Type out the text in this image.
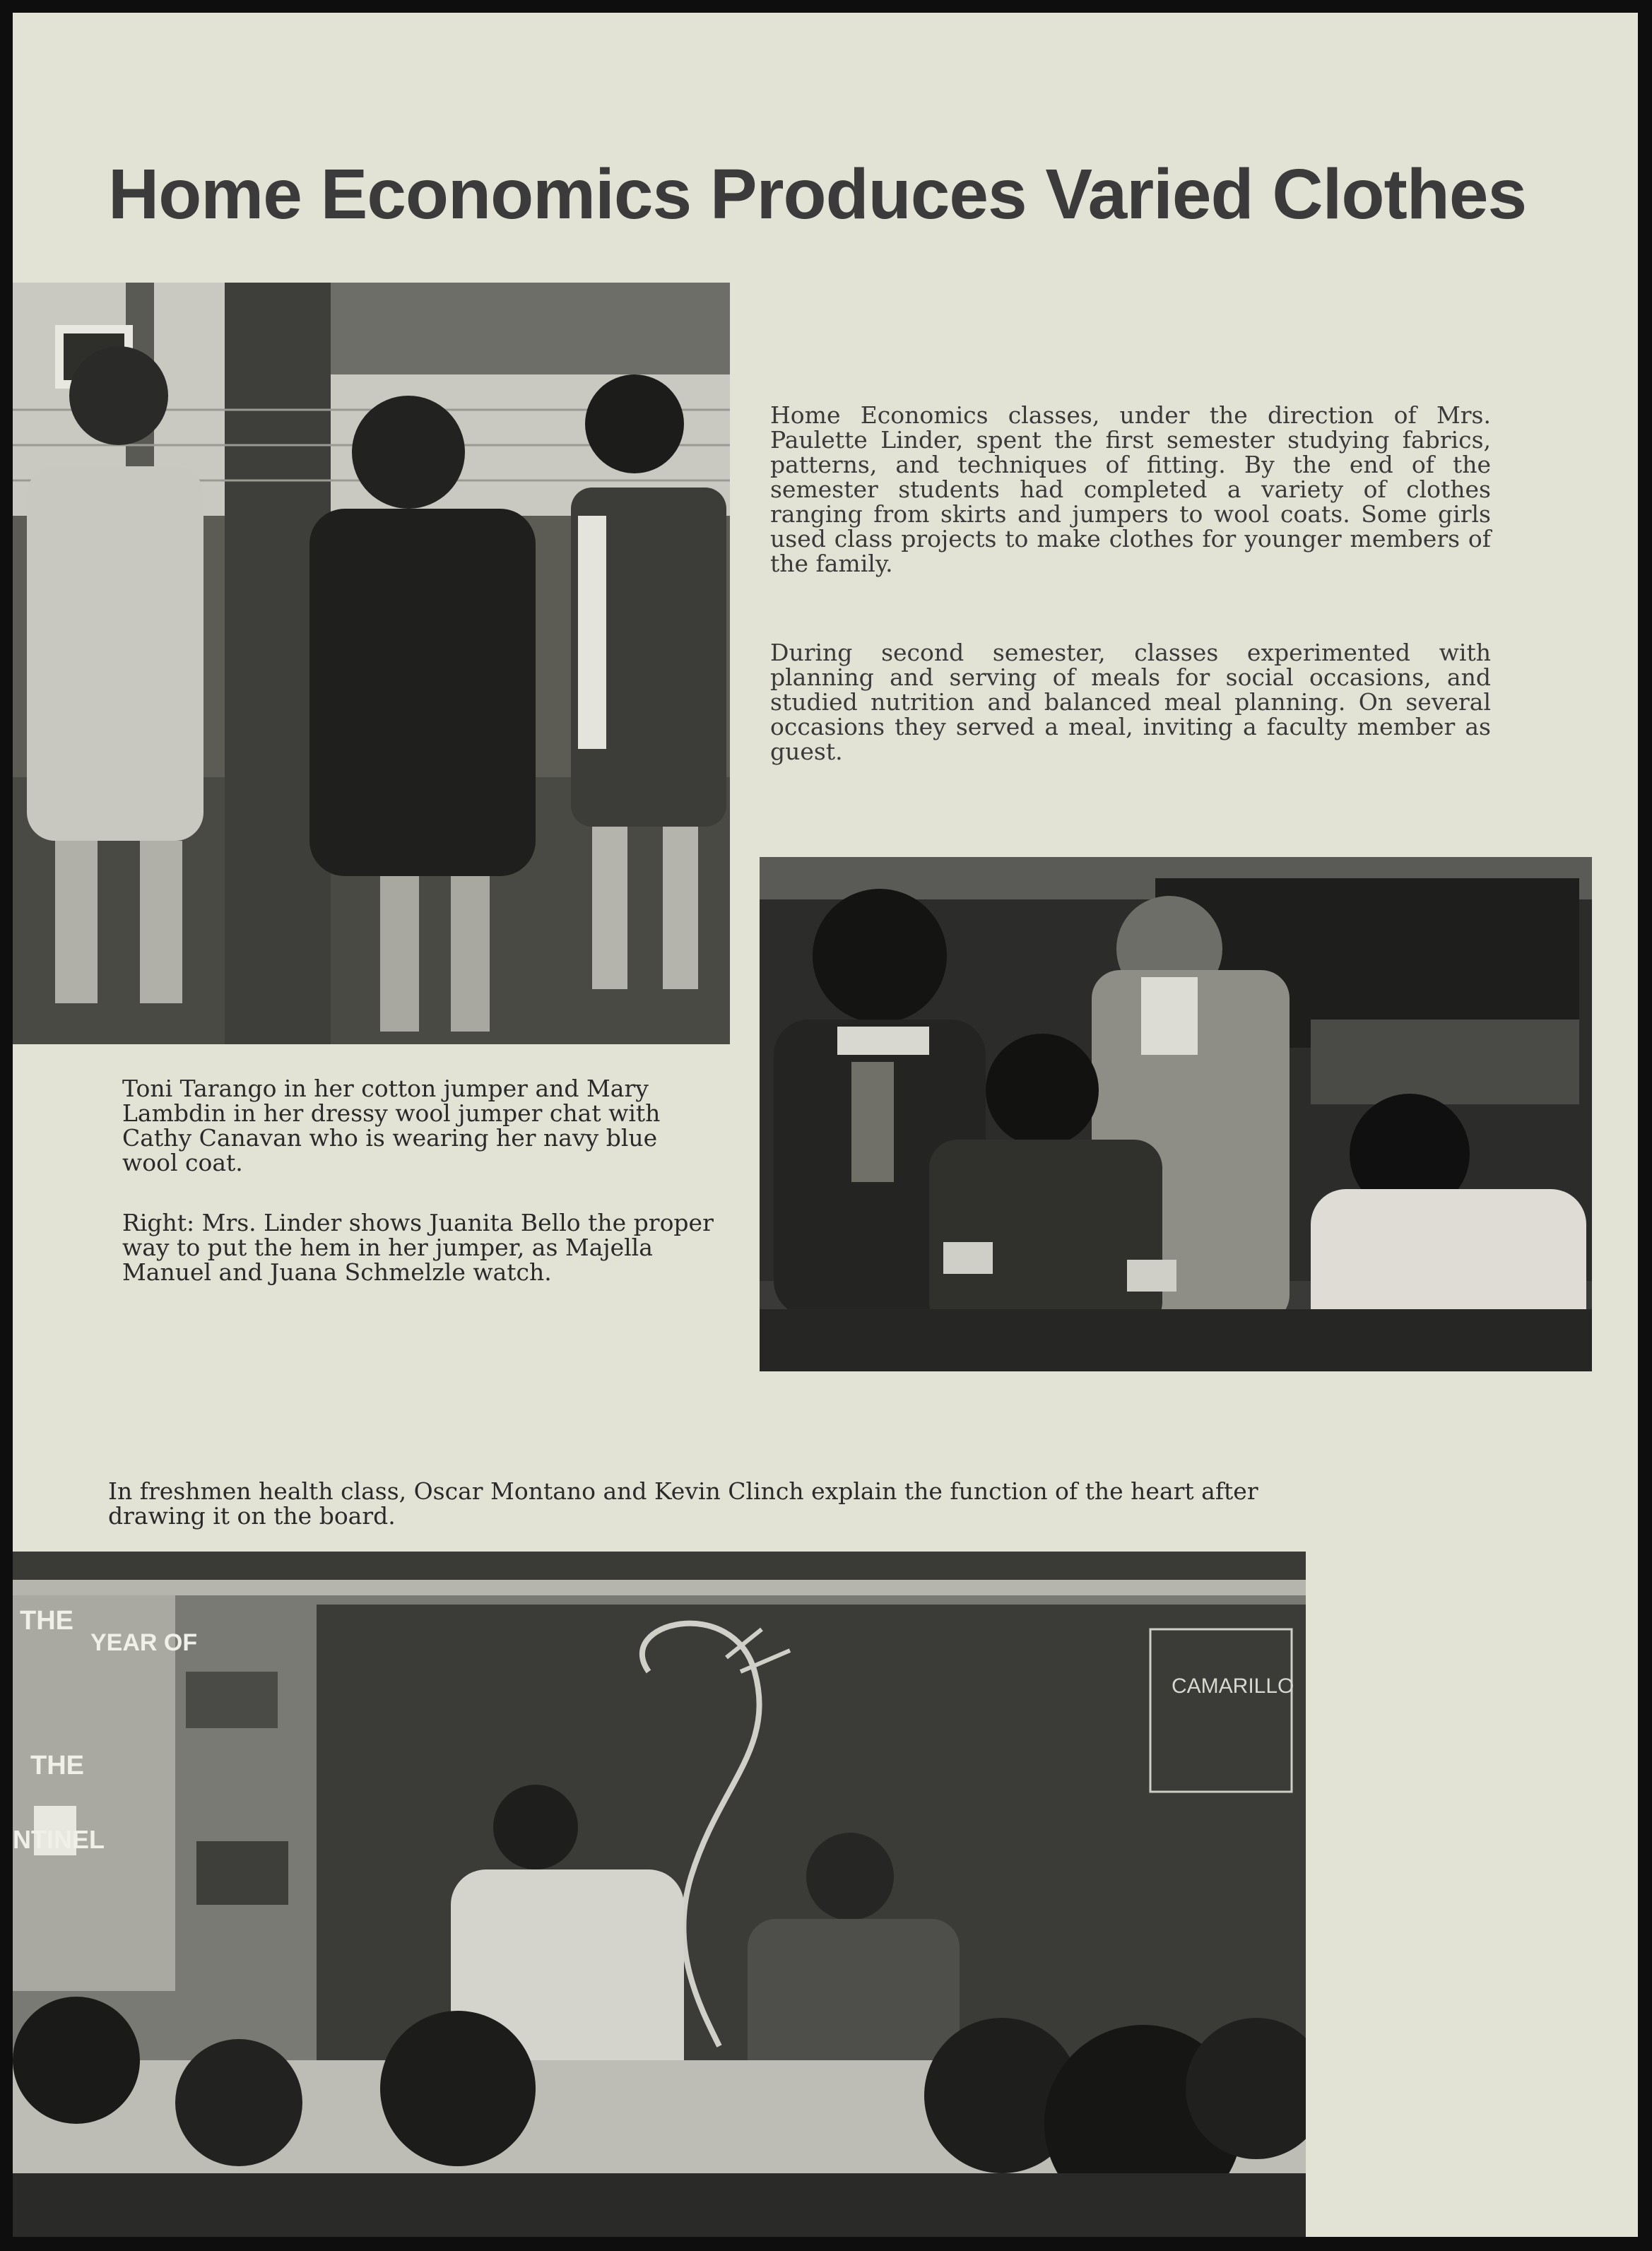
Home Economics Produces Varied Clothes
Home Economics classes, under the direction of Mrs. Paulette Linder, spent the first semester studying fabrics, patterns, and techniques of fitting. By the end of the semester students had completed a variety of clothes ranging from skirts and jumpers to wool coats. Some girls used class projects to make clothes for younger members of the family.
During second semester, classes experimented with planning and serving of meals for social occasions, and studied nutrition and balanced meal planning. On several occasions they served a meal, inviting a faculty member as guest.
Toni Tarango in her cotton jumper and Mary Lambdin in her dressy wool jumper chat with Cathy Canavan who is wearing her navy blue wool coat.
Right: Mrs. Linder shows Juanita Bello the proper way to put the hem in her jumper, as Majella Manuel and Juana Schmelzle watch.
In freshmen health class, Oscar Montano and Kevin Clinch explain the function of the heart after drawing it on the board.
THE
YEAR OF
THE
NTINEL
CAMARILLO
